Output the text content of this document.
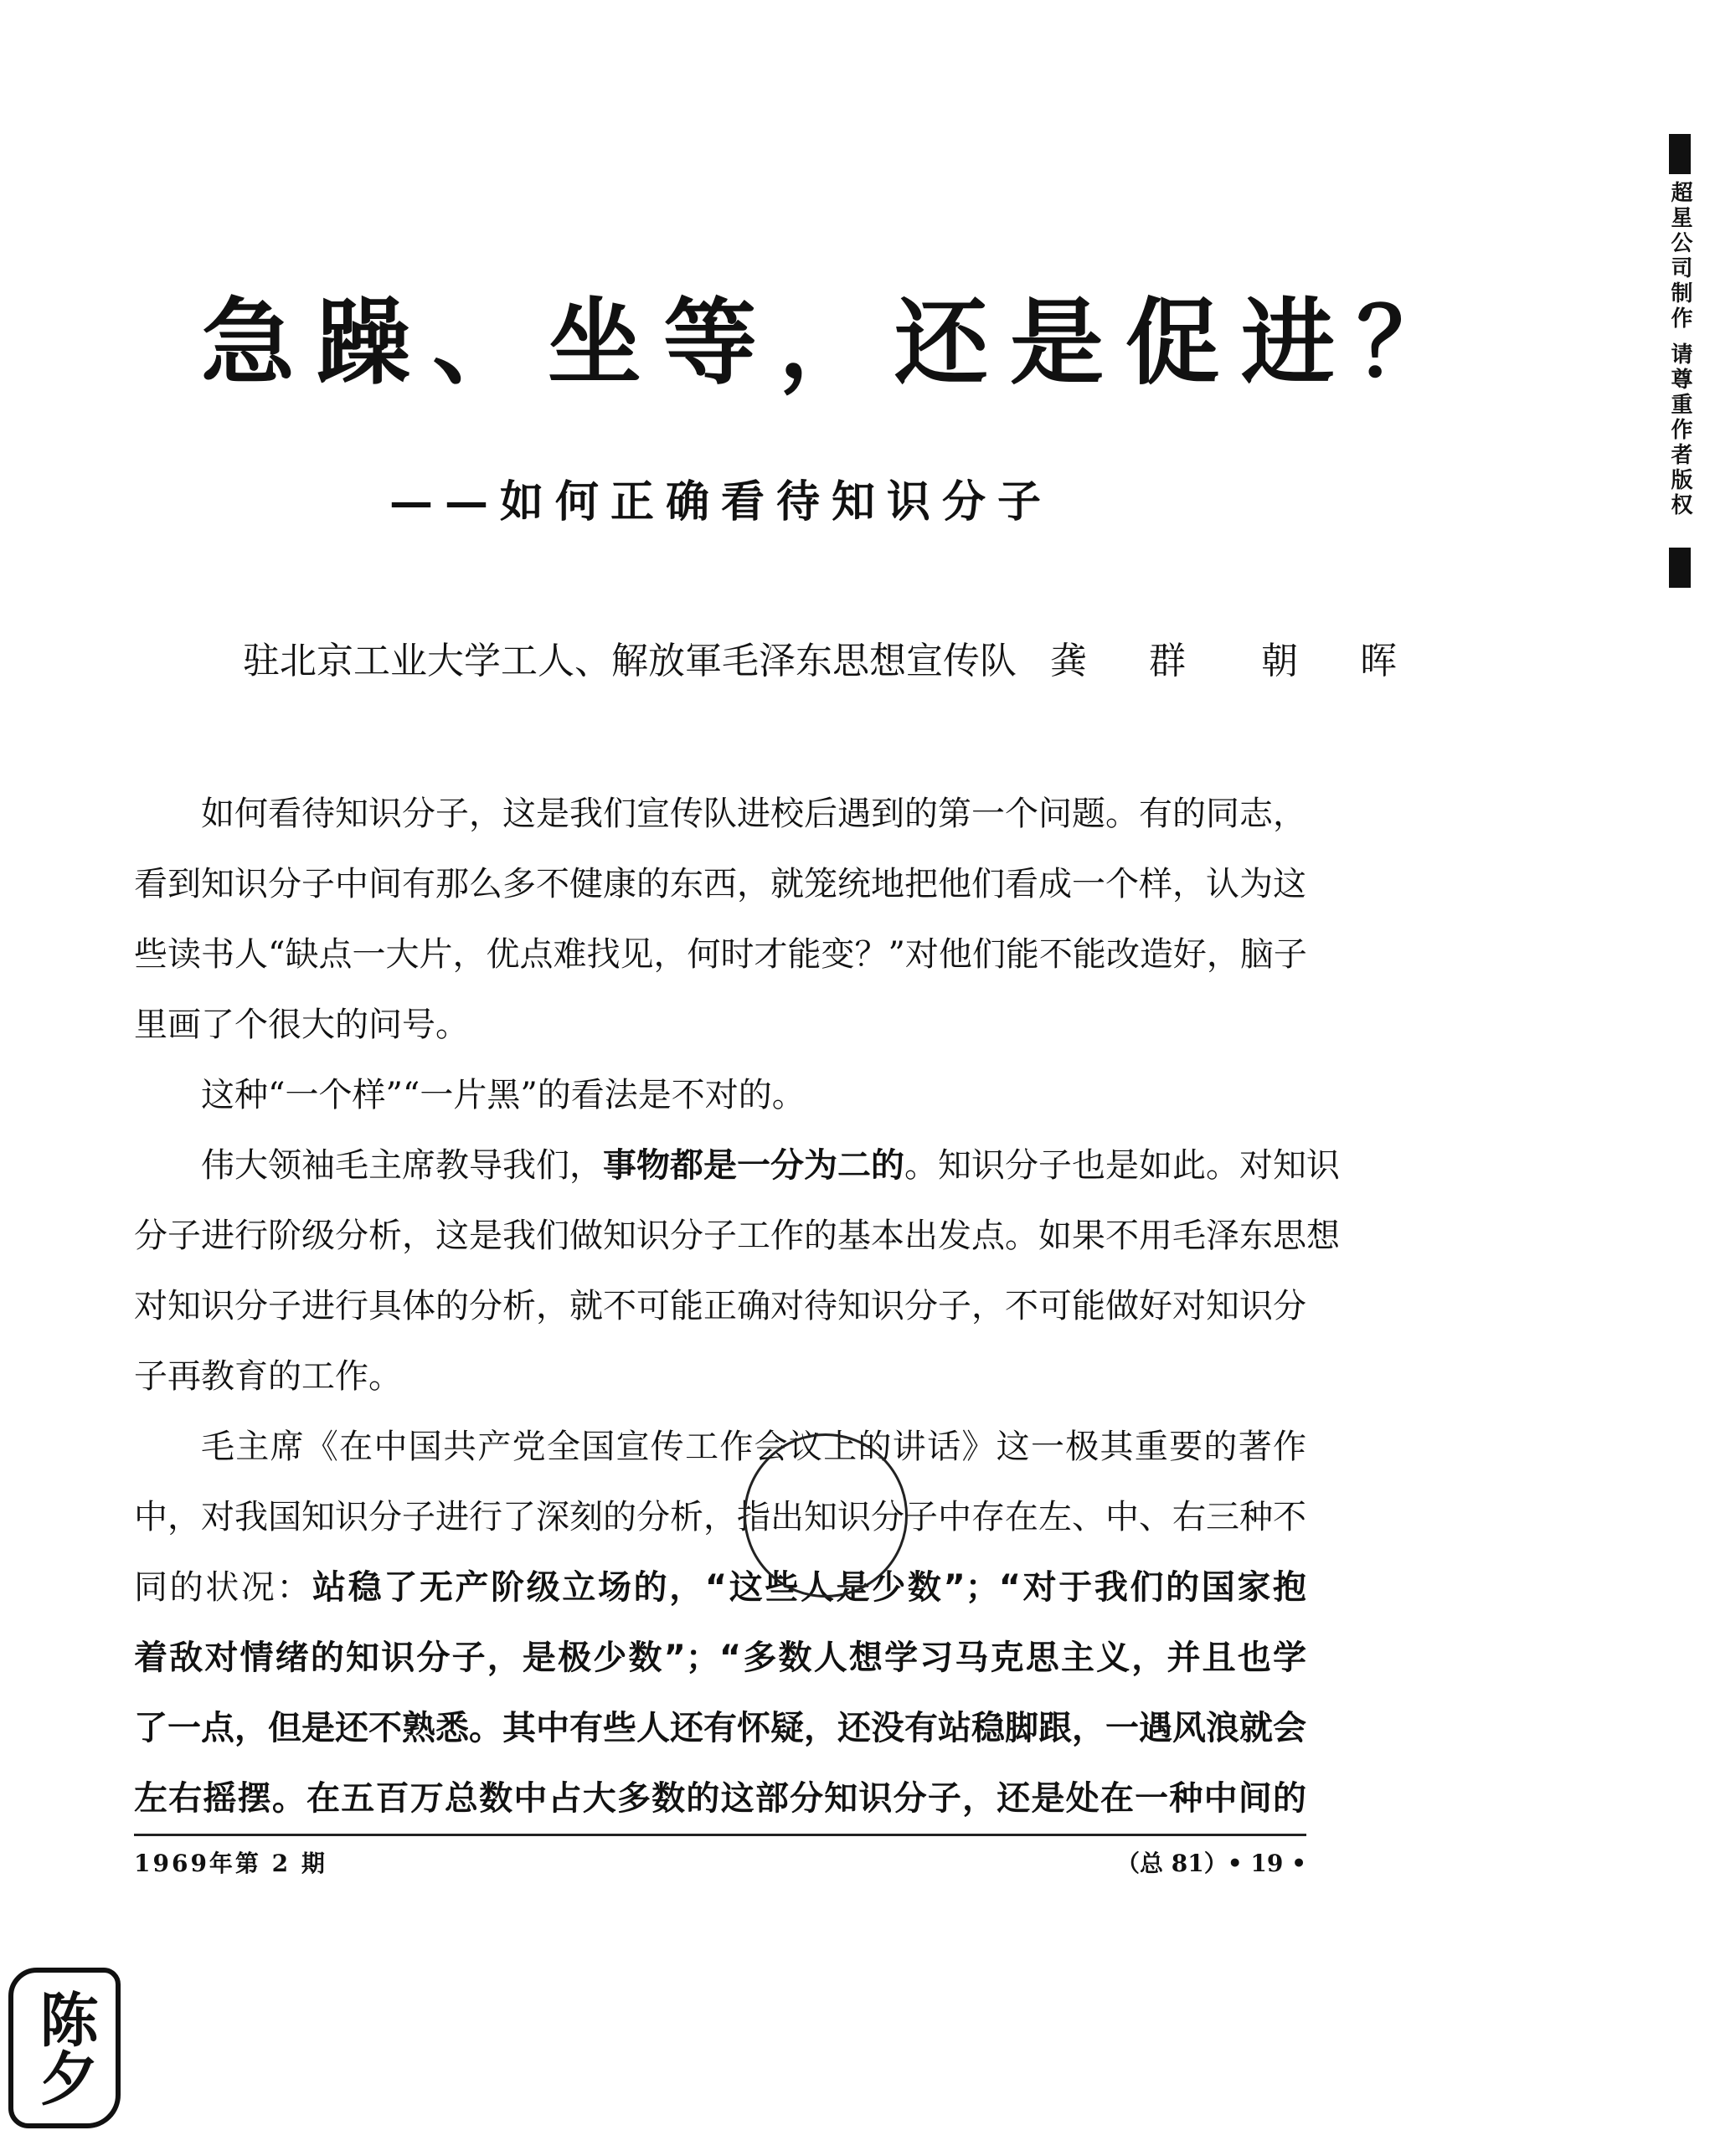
急躁、坐等，还是促进？
——如何正确看待知识分子
驻北京工业大学工人、解放軍毛泽东思想宣传队 龚 群 朝 晖
如何看待知识分子，这是我们宣传队进校后遇到的第一个问题。有的同志，
看到知识分子中间有那么多不健康的东西，就笼统地把他们看成一个样，认为这
些读书人“缺点一大片，优点难找见，何时才能变？”对他们能不能改造好，脑子
里画了个很大的问号。
这种“一个样”“一片黑”的看法是不对的。
伟大领袖毛主席教导我们，事物都是一分为二的。知识分子也是如此。对知识
分子进行阶级分析，这是我们做知识分子工作的基本出发点。如果不用毛泽东思想
对知识分子进行具体的分析，就不可能正确对待知识分子，不可能做好对知识分
子再教育的工作。
毛主席《在中国共产党全国宣传工作会议上的讲话》这一极其重要的著作
中，对我国知识分子进行了深刻的分析，指出知识分子中存在左、中、右三种不
同的状况：站稳了无产阶级立场的，“这些人是少数”；“对于我们的国家抱
着敌对情绪的知识分子，是极少数”；“多数人想学习马克思主义，并且也学
了一点，但是还不熟悉。其中有些人还有怀疑，还没有站稳脚跟，一遇风浪就会
左右摇摆。在五百万总数中占大多数的这部分知识分子，还是处在一种中间的
1969年第 2 期	（总 81）• 19 •
超星公司制作 请尊重作者版权
陈夕
